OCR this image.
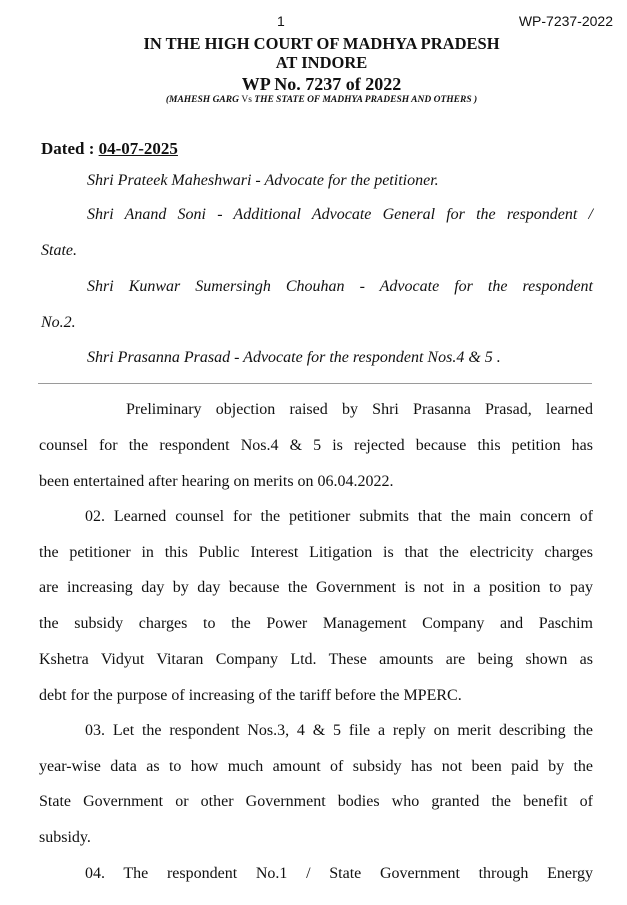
1	WP-7237-2022
IN THE HIGH COURT OF MADHYA PRADESH
AT INDORE
WP No. 7237 of 2022
(MAHESH GARG Vs THE STATE OF MADHYA PRADESH AND OTHERS )
Dated : 04-07-2025
Shri Prateek Maheshwari - Advocate for the petitioner.
Shri Anand Soni - Additional Advocate General for the respondent /
State.
Shri Kunwar Sumersingh Chouhan - Advocate for the respondent
No.2.
Shri Prasanna Prasad - Advocate for the respondent Nos.4 & 5 .
Preliminary objection raised by Shri Prasanna Prasad, learned
counsel for the respondent Nos.4 & 5 is rejected because this petition has
been entertained after hearing on merits on 06.04.2022.
02. Learned counsel for the petitioner submits that the main concern of
the petitioner in this Public Interest Litigation is that the electricity charges
are increasing day by day because the Government is not in a position to pay
the subsidy charges to the Power Management Company and Paschim
Kshetra Vidyut Vitaran Company Ltd. These amounts are being shown as
debt for the purpose of increasing of the tariff before the MPERC.
03. Let the respondent Nos.3, 4 & 5 file a reply on merit describing the
year-wise data as to how much amount of subsidy has not been paid by the
State Government or other Government bodies who granted the benefit of
subsidy.
04. The respondent No.1 / State Government through Energy
